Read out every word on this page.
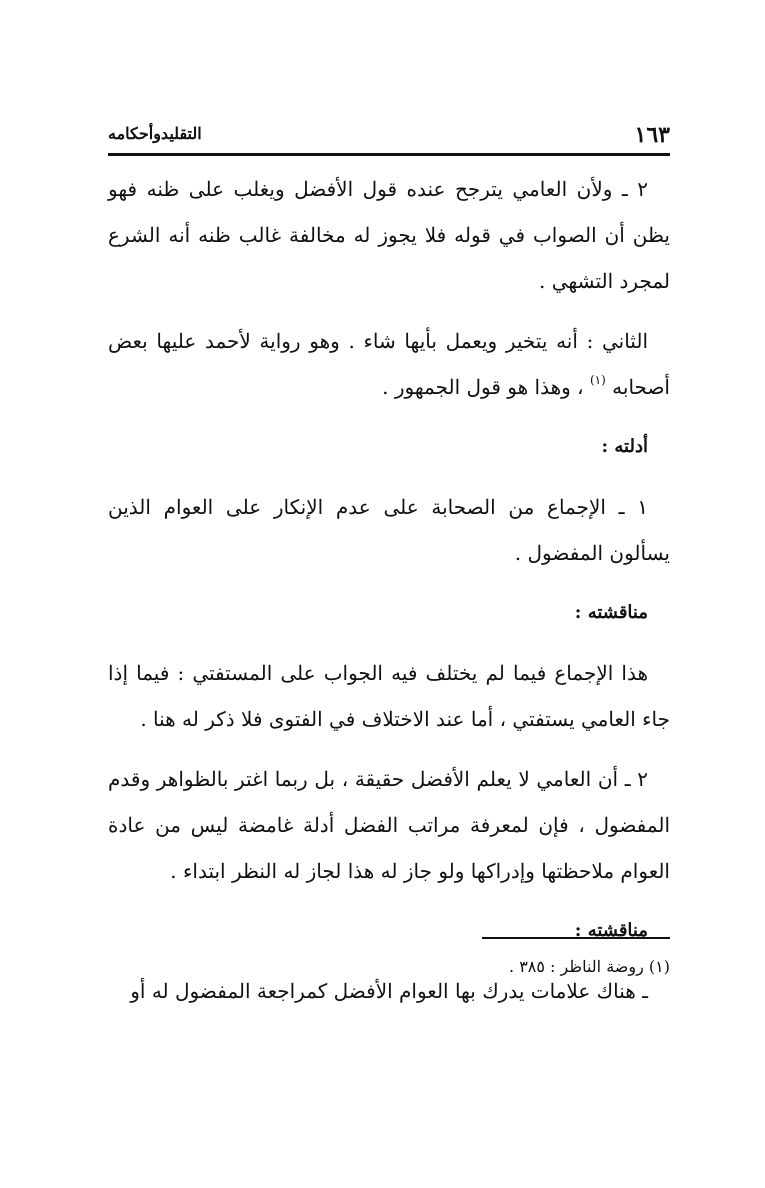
١٦٣
التقليدوأحكامه

٢ ـ ولأن العامي يترجح عنده قول الأفضل ويغلب على ظنه فهو يظن أن الصواب في قوله فلا يجوز له مخالفة غالب ظنه أنه الشرع لمجرد التشهي .

الثاني : أنه يتخير ويعمل بأيها شاء . وهو رواية لأحمد عليها بعض أصحابه $^{(١)}$ ، وهذا هو قول الجمهور .

أدلته :

١ ـ الإجماع من الصحابة على عدم الإنكار على العوام الذين يسألون المفضول .

مناقشته :

هذا الإجماع فيما لم يختلف فيه الجواب على المستفتي : فيما إذا جاء العامي يستفتي ، أما عند الاختلاف في الفتوى فلا ذكر له هنا .

٢ ـ أن العامي لا يعلم الأفضل حقيقة ، بل ربما اغتر بالظواهر وقدم المفضول ، فإن لمعرفة مراتب الفضل أدلة غامضة ليس من عادة العوام ملاحظتها وإدراكها ولو جاز له هذا لجاز له النظر ابتداء .

مناقشته :

ـ هناك علامات يدرك بها العوام الأفضل كمراجعة المفضول له أو

(١) روضة الناظر : ٣٨٥ .
